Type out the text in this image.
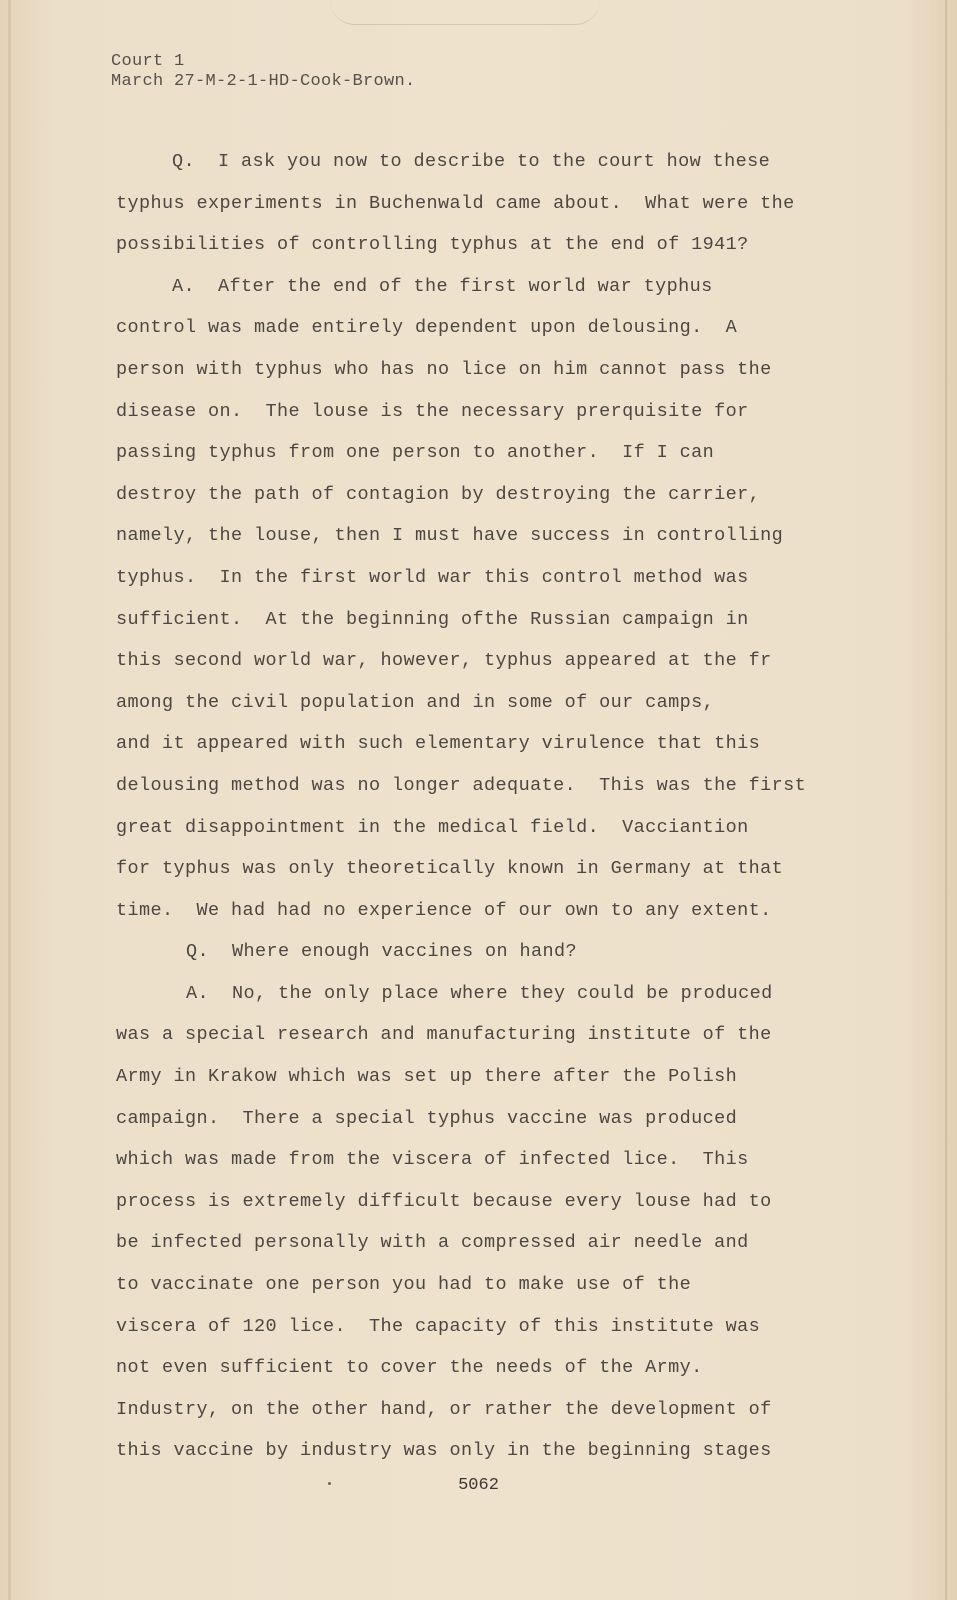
Court 1
March 27-M-2-1-HD-Cook-Brown.
Q.  I ask you now to describe to the court how these
typhus experiments in Buchenwald came about.  What were the
possibilities of controlling typhus at the end of 1941?
A.  After the end of the first world war typhus
control was made entirely dependent upon delousing.  A
person with typhus who has no lice on him cannot pass the
disease on.  The louse is the necessary prerquisite for
passing typhus from one person to another.  If I can
destroy the path of contagion by destroying the carrier,
namely, the louse, then I must have success in controlling
typhus.  In the first world war this control method was
sufficient.  At the beginning ofthe Russian campaign in
this second world war, however, typhus appeared at the fr
among the civil population and in some of our camps,
and it appeared with such elementary virulence that this
delousing method was no longer adequate.  This was the first
great disappointment in the medical field.  Vacciantion
for typhus was only theoretically known in Germany at that
time.  We had had no experience of our own to any extent.
Q.  Where enough vaccines on hand?
A.  No, the only place where they could be produced
was a special research and manufacturing institute of the
Army in Krakow which was set up there after the Polish
campaign.  There a special typhus vaccine was produced
which was made from the viscera of infected lice.  This
process is extremely difficult because every louse had to
be infected personally with a compressed air needle and
to vaccinate one person you had to make use of the
viscera of 120 lice.  The capacity of this institute was
not even sufficient to cover the needs of the Army.
Industry, on the other hand, or rather the development of
this vaccine by industry was only in the beginning stages
5062
